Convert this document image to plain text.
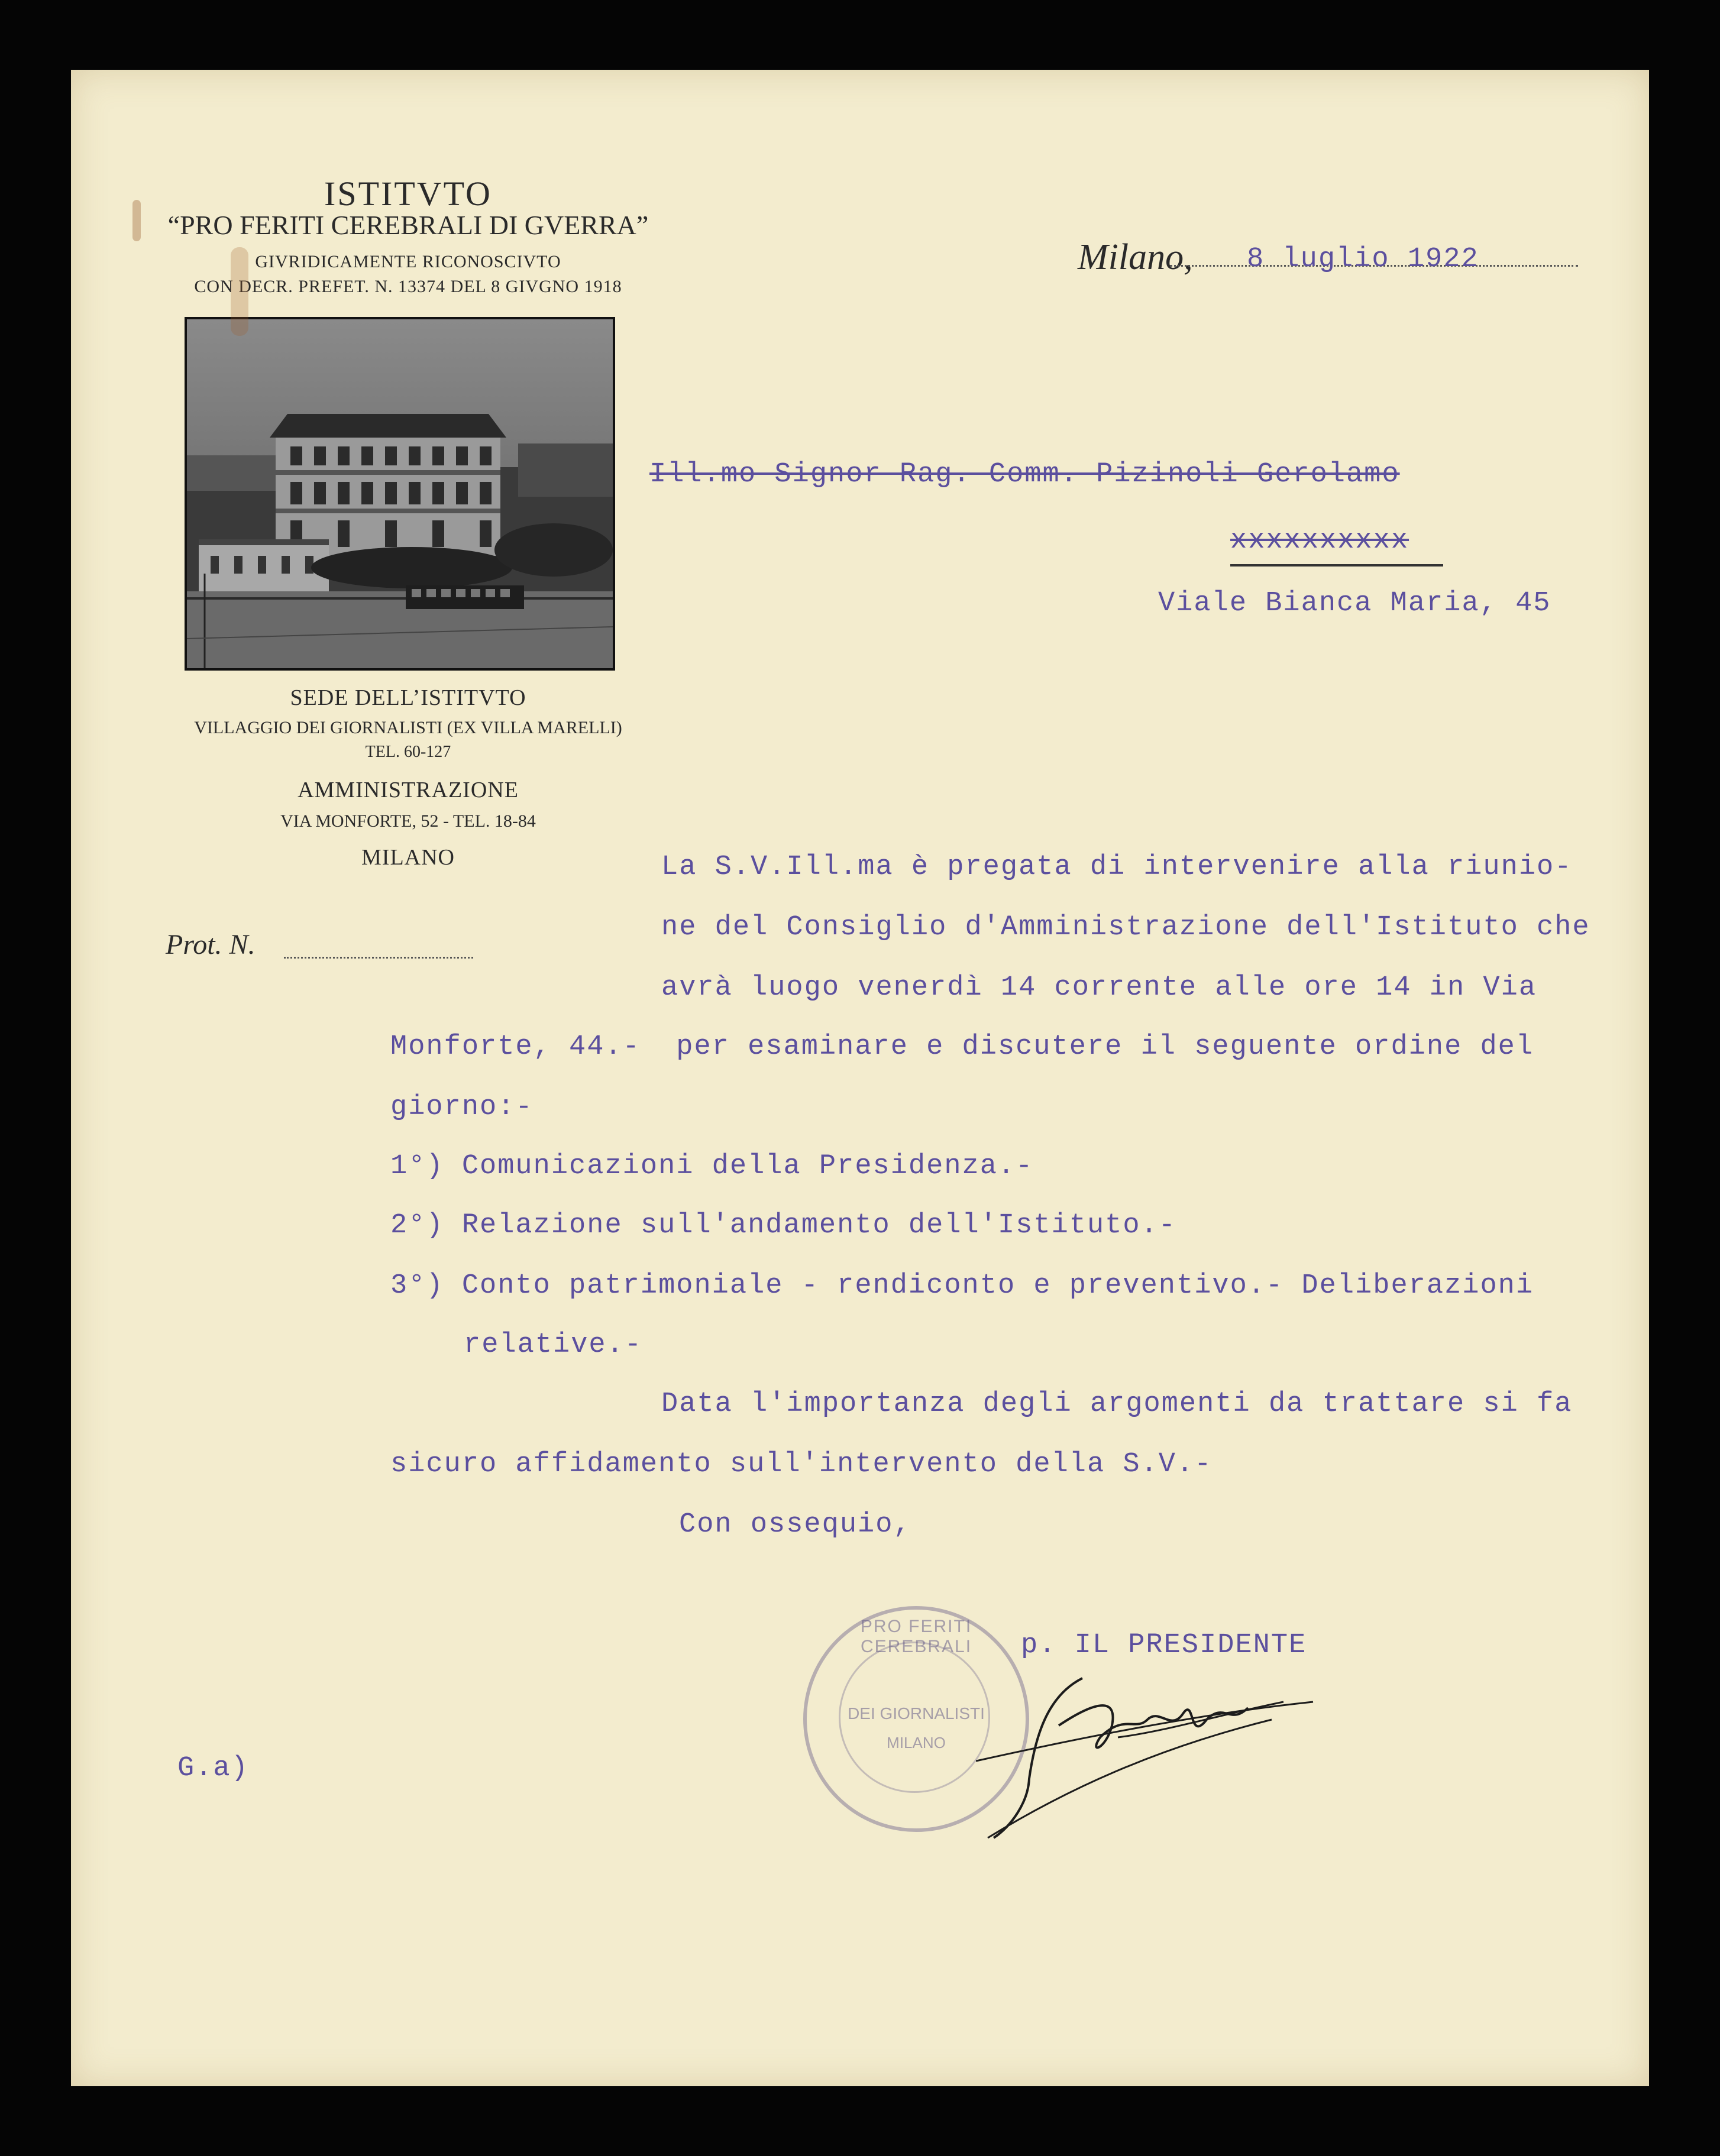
ISTITVTO
“PRO FERITI CEREBRALI DI GVERRA”
GIVRIDICAMENTE RICONOSCIVTO
CON DECR. PREFET. N. 13374 DEL 8 GIVGNO 1918
SEDE DELL’ISTITVTO
VILLAGGIO DEI GIORNALISTI (EX VILLA MARELLI)
TEL. 60-127
AMMINISTRAZIONE
VIA MONFORTE, 52 - TEL. 18-84
MILANO
Prot. N.
Milano, 8 luglio 1922
Ill.mo Signor Rag. Comm. Pizinoli Gerolamo
xxxxxxxxxx
Viale Bianca Maria, 45
La S.V.Ill.ma è pregata di intervenire alla riunio-
ne del Consiglio d'Amministrazione dell'Istituto che
avrà luogo venerdì 14 corrente alle ore 14 in Via
Monforte, 44.-  per esaminare e discutere il seguente ordine del
giorno:-
1°) Comunicazioni della Presidenza.-
2°) Relazione sull'andamento dell'Istituto.-
3°) Conto patrimoniale - rendiconto e preventivo.- Deliberazioni
relative.-
Data l'importanza degli argomenti da trattare si fa
sicuro affidamento sull'intervento della S.V.-
Con ossequio,
p. IL PRESIDENTE
G.a)
PRO FERITI CEREBRALI
DEI GIORNALISTI
MILANO
